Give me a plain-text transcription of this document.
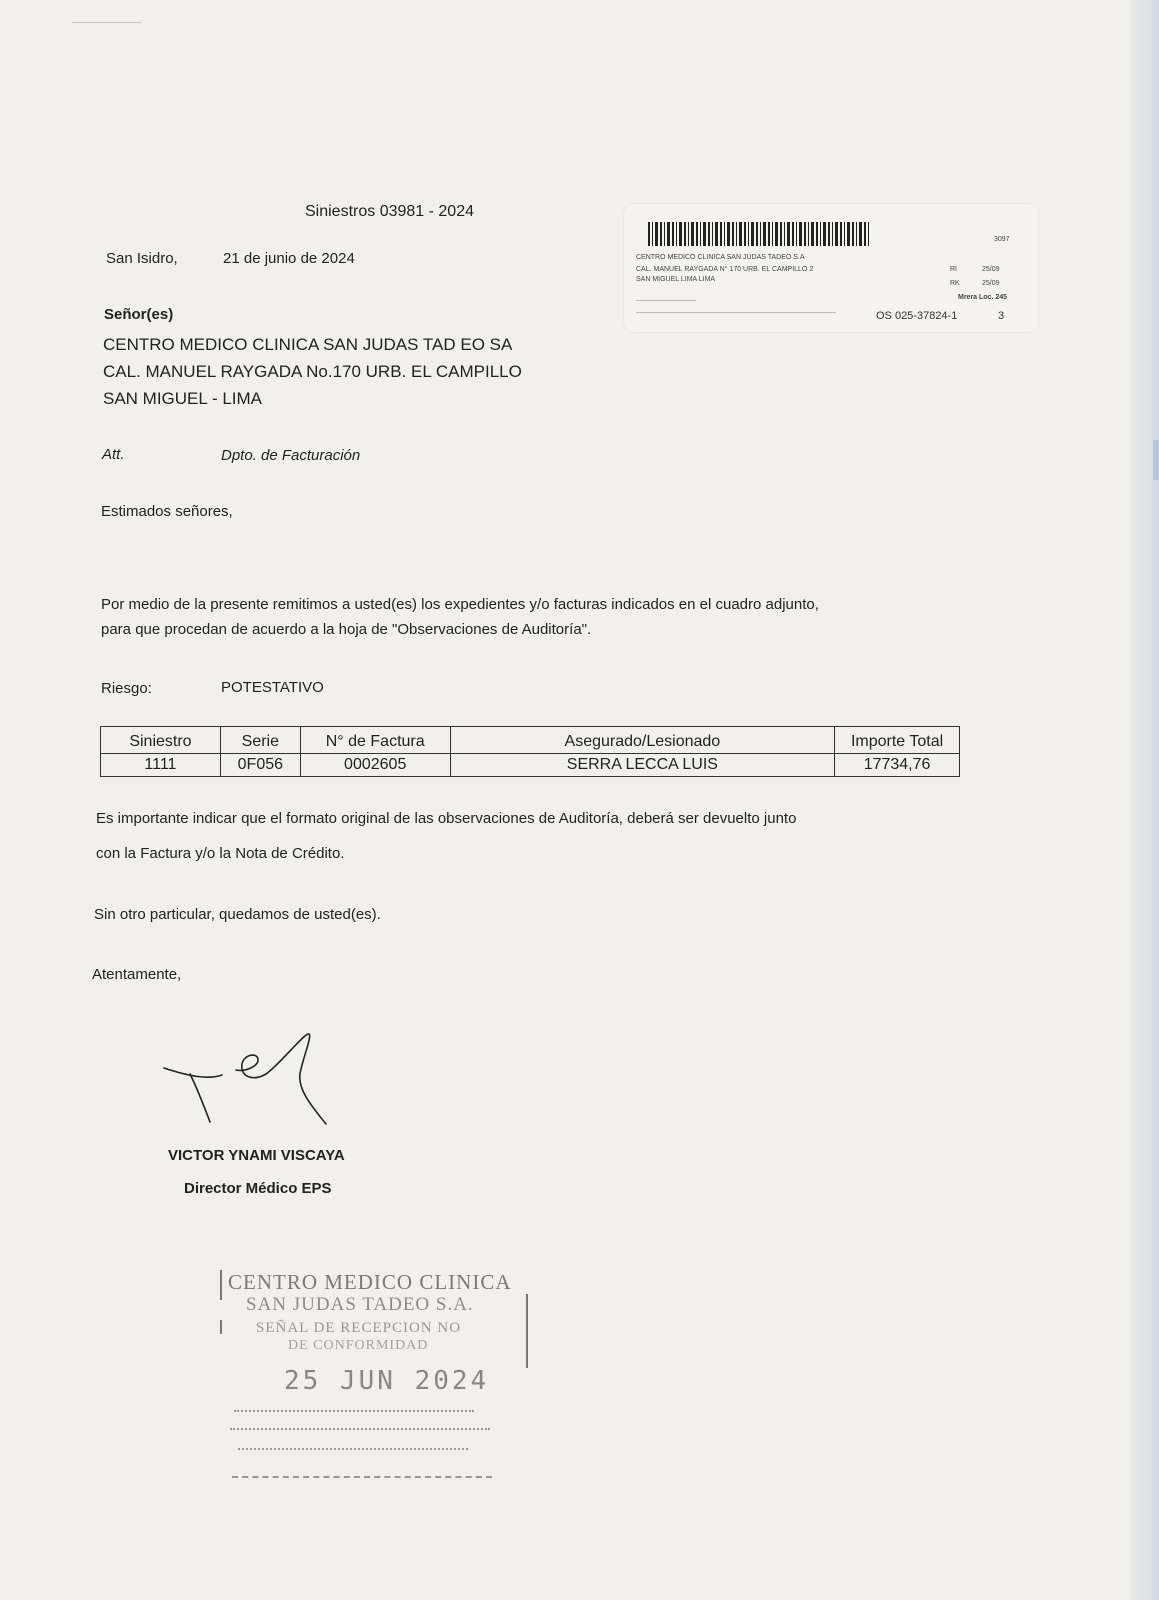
Siniestros 03981 - 2024
San Isidro,	21 de junio de 2024
3097
CENTRO MEDICO CLINICA SAN JUDAS TADEO S.A
CAL. MANUEL RAYGADA N° 170 URB. EL CAMPILLO 2
SAN MIGUEL LIMA LIMA
RI	25/09
RK	25/09
Mrera Loc. 245
OS 025-37824-1	3
Señor(es)
CENTRO MEDICO CLINICA SAN JUDAS TAD EO SA
CAL. MANUEL RAYGADA No.170 URB. EL CAMPILLO
SAN MIGUEL - LIMA
Att.	Dpto. de Facturación
Estimados señores,
Por medio de la presente remitimos a usted(es) los expedientes y/o facturas indicados en el cuadro adjunto,
para que procedan de acuerdo a la hoja de "Observaciones de Auditoría".
Riesgo:	POTESTATIVO
Siniestro	Serie	N° de Factura	Asegurado/Lesionado	Importe Total
1111	0F056	0002605	SERRA LECCA LUIS	17734,76
Es importante indicar que el formato original de las observaciones de Auditoría, deberá ser devuelto junto
con la Factura y/o la Nota de Crédito.
Sin otro particular, quedamos de usted(es).
Atentamente,
VICTOR YNAMI VISCAYA
Director Médico EPS
CENTRO MEDICO CLINICA
SAN JUDAS TADEO S.A.
SEÑAL DE RECEPCION NO
DE CONFORMIDAD
25 JUN 2024
